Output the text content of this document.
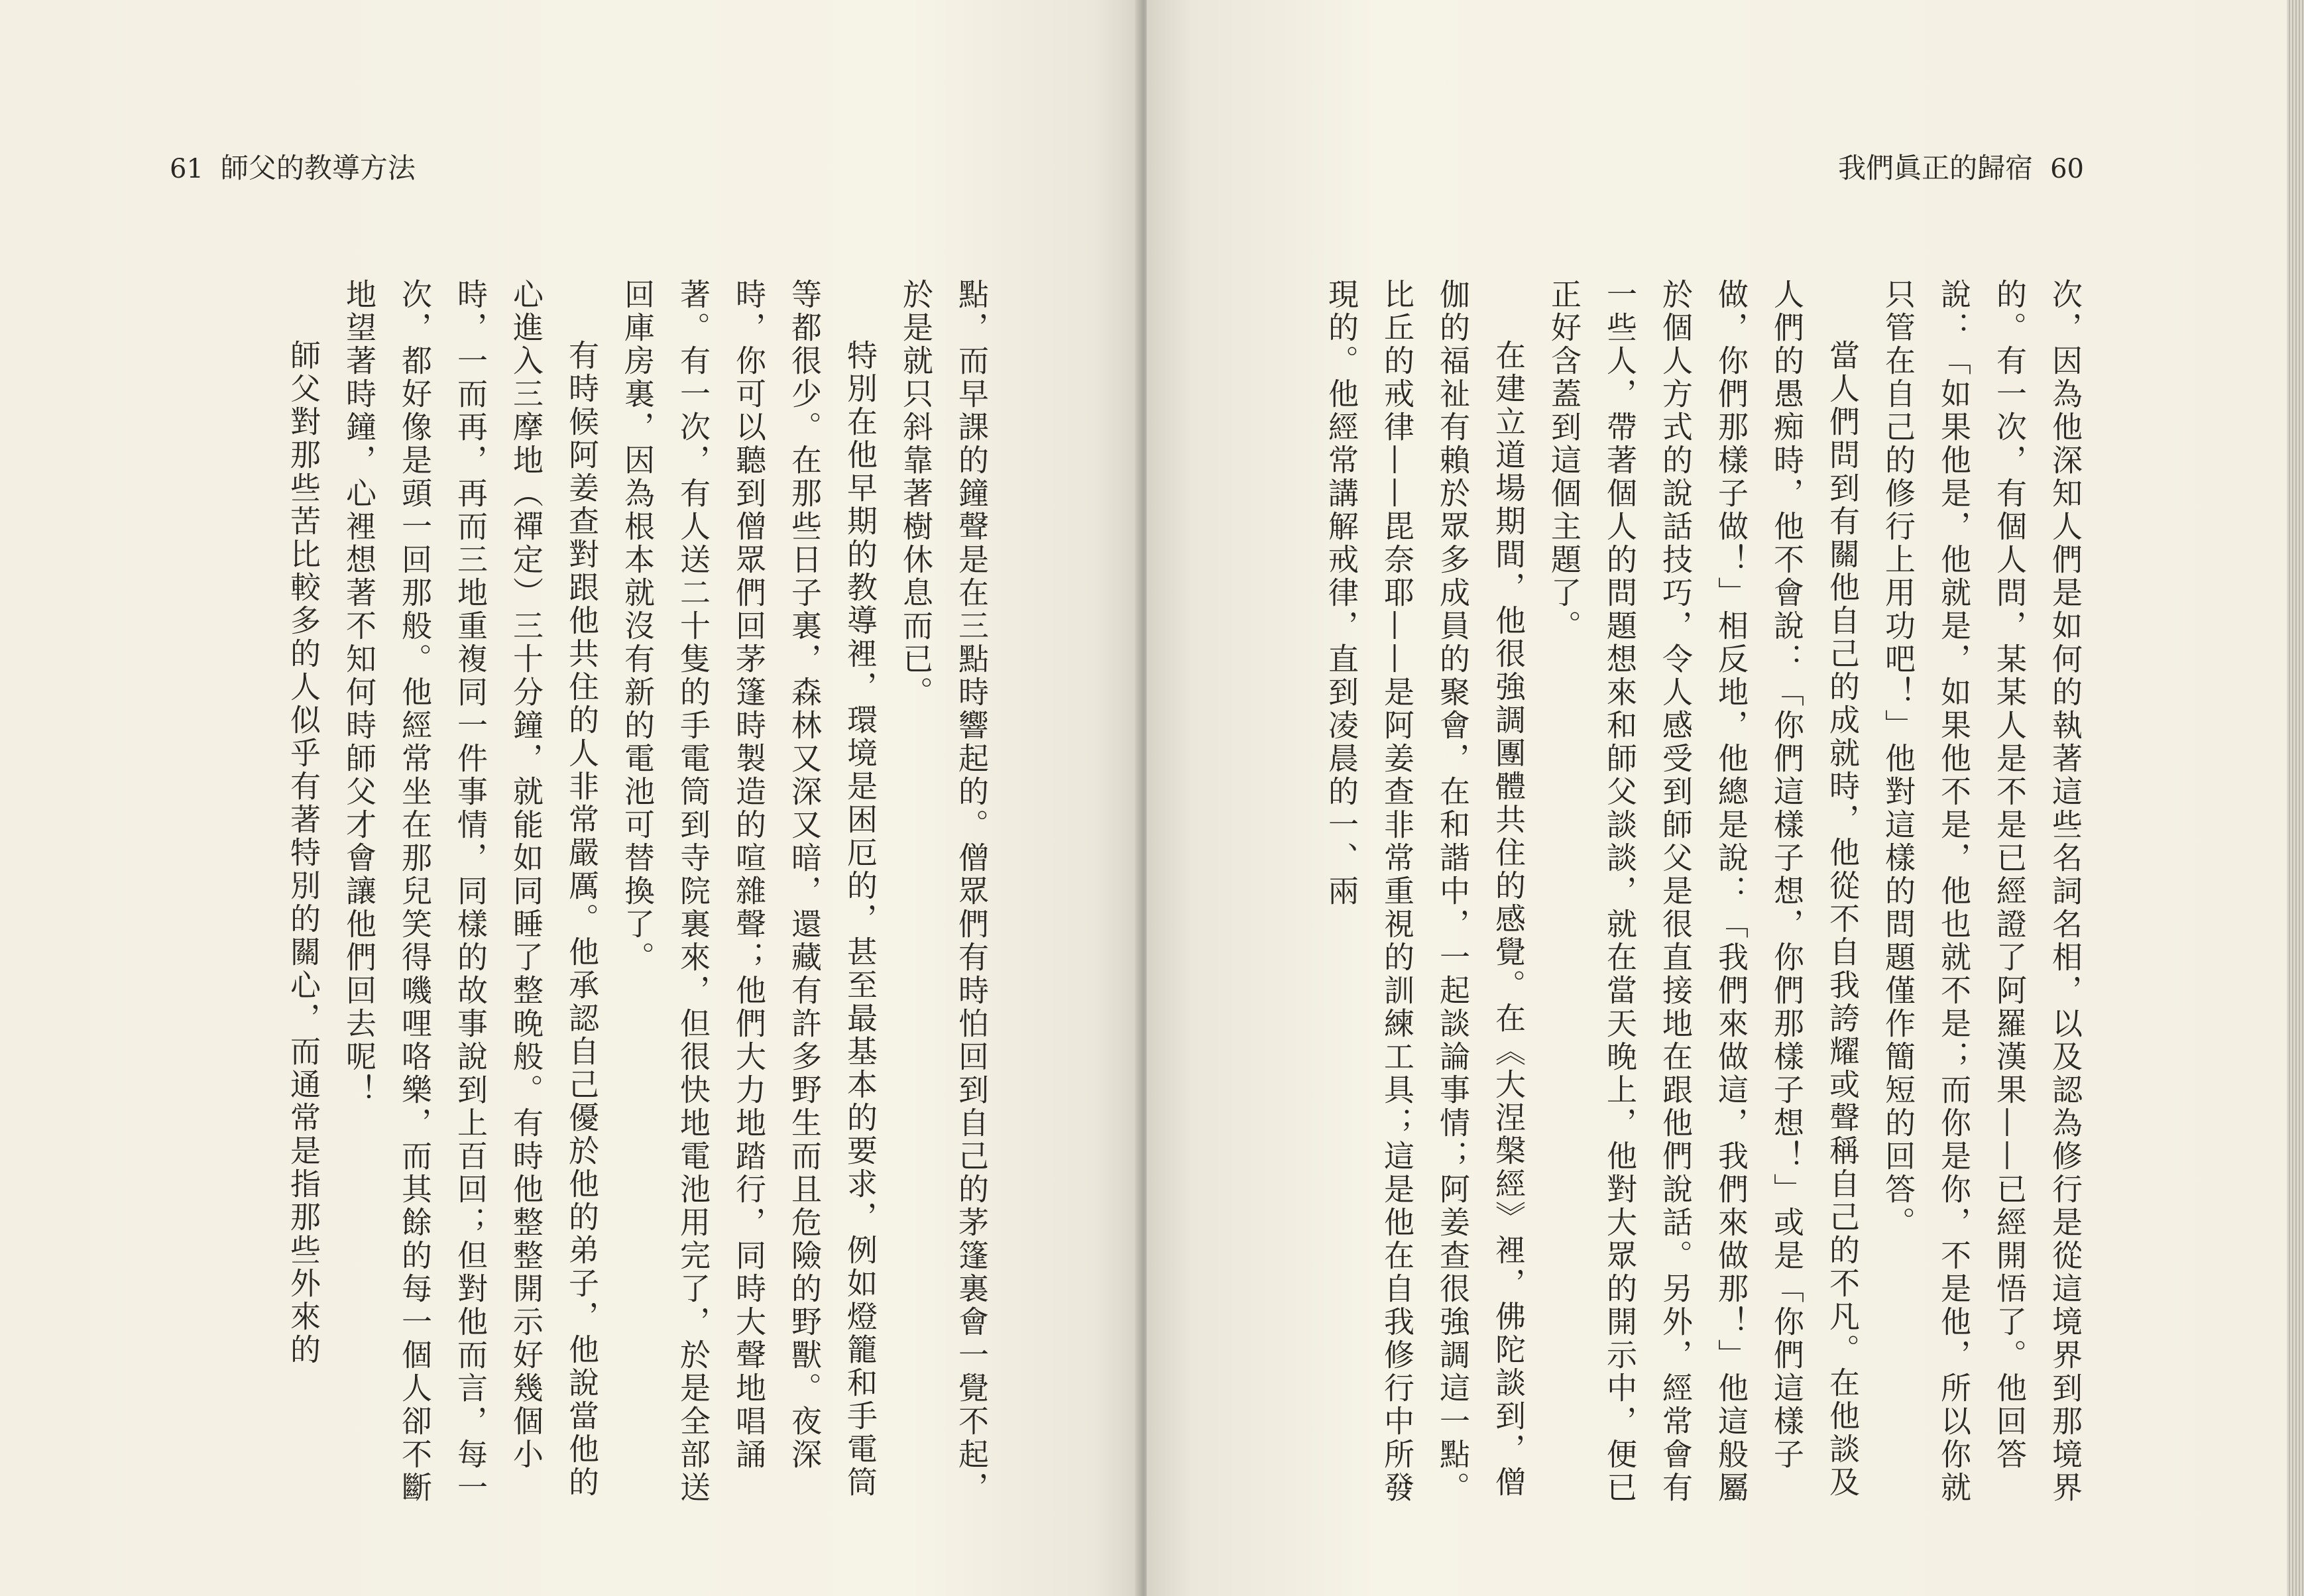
61 師父的教導方法

點，而早課的鐘聲是在三點時響起的。僧眾們有時怕回到自己的茅篷裏會一覺不起，於是就只斜靠著樹休息而已。

特別在他早期的教導裡，環境是困厄的，甚至最基本的要求，例如燈籠和手電筒等都很少。在那些日子裏，森林又深又暗，還藏有許多野生而且危險的野獸。夜深時，你可以聽到僧眾們回茅篷時製造的喧雜聲；他們大力地踏行，同時大聲地唱誦著。有一次，有人送二十隻的手電筒到寺院裏來，但很快地電池用完了，於是全部送回庫房裏，因為根本就沒有新的電池可替換了。

有時候阿姜查對跟他共住的人非常嚴厲。他承認自己優於他的弟子，他說當他的心進入三摩地（禪定）三十分鐘，就能如同睡了整晚般。有時他整整開示好幾個小時，一而再，再而三地重複同一件事情，同樣的故事說到上百回；但對他而言，每一次，都好像是頭一回那般。他經常坐在那兒笑得嘰哩咯樂，而其餘的每一個人卻不斷地望著時鐘，心裡想著不知何時師父才會讓他們回去呢！

師父對那些苦比較多的人似乎有著特別的關心，而通常是指那些外來的

我們眞正的歸宿 60

次，因為他深知人們是如何的執著這些名詞名相，以及認為修行是從這境界到那境界的。有一次，有個人問，某某人是不是已經證了阿羅漢果——已經開悟了。他回答說：「如果他是，他就是，如果他不是，他也就不是；而你是你，不是他，所以你就只管在自己的修行上用功吧！」他對這樣的問題僅作簡短的回答。

當人們問到有關他自己的成就時，他從不自我誇耀或聲稱自己的不凡。在他談及人們的愚痴時，他不會說：「你們這樣子想，你們那樣子想！」或是「你們這樣子做，你們那樣子做！」相反地，他總是說：「我們來做這，我們來做那！」他這般屬於個人方式的說話技巧，令人感受到師父是很直接地在跟他們說話。另外，經常會有一些人，帶著個人的問題想來和師父談談，就在當天晚上，他對大眾的開示中，便已正好含蓋到這個主題了。

在建立道場期間，他很強調團體共住的感覺。在《大涅槃經》裡，佛陀談到，僧伽的福祉有賴於眾多成員的聚會，在和諧中，一起談論事情；阿姜查很強調這一點。比丘的戒律——毘奈耶——是阿姜查非常重視的訓練工具；這是他在自我修行中所發現的。他經常講解戒律，直到凌晨的一、兩
